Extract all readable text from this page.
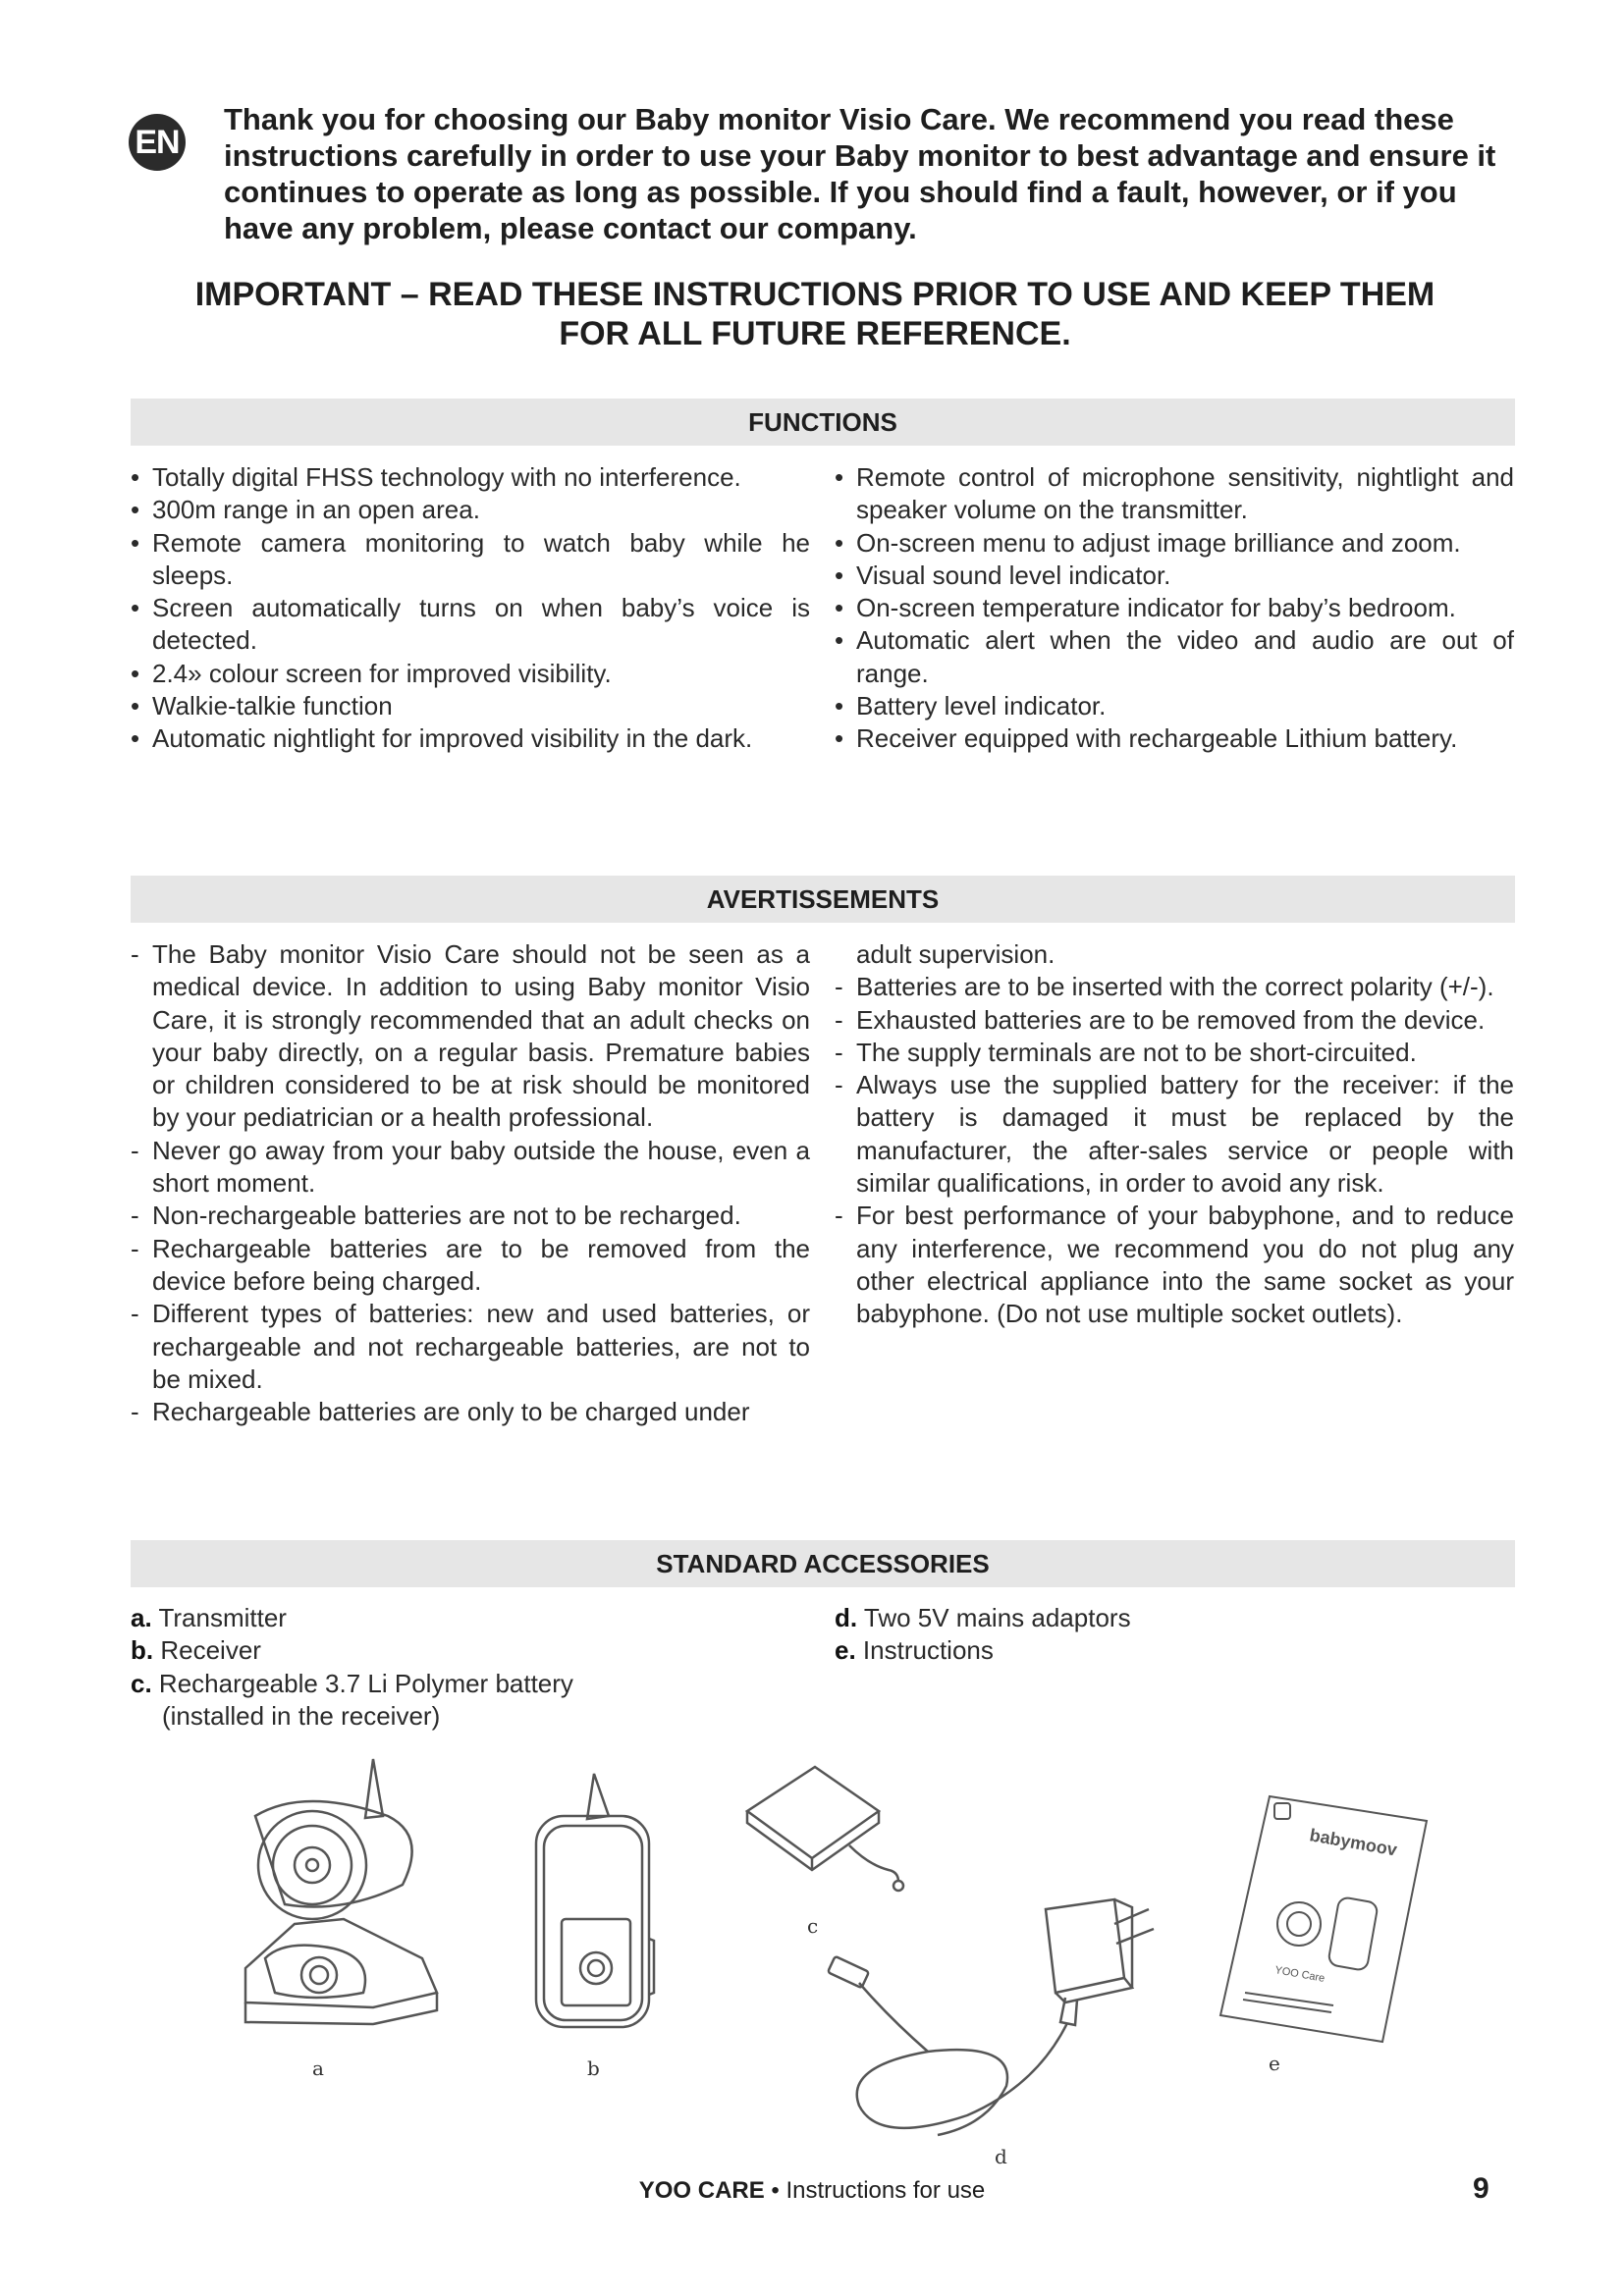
EN

Thank you for choosing our Baby monitor Visio Care. We recommend you read these instructions carefully in order to use your Baby monitor to best advantage and ensure it continues to operate as long as possible. If you should find a fault, however, or if you have any problem, please contact our company.

IMPORTANT – READ THESE INSTRUCTIONS PRIOR TO USE AND KEEP THEM
FOR ALL FUTURE REFERENCE.
FUNCTIONS
• Totally digital FHSS technology with no interference.
• 300m range in an open area.
• Remote camera monitoring to watch baby while he sleeps.
• Screen automatically turns on when baby’s voice is detected.
• 2.4» colour screen for improved visibility.
• Walkie-talkie function
• Automatic nightlight for improved visibility in the dark.
• Remote control of microphone sensitivity, nightlight and speaker volume on the transmitter.
• On-screen menu to adjust image brilliance and zoom.
• Visual sound level indicator.
• On-screen temperature indicator for baby’s bedroom.
• Automatic alert when the video and audio are out of range.
• Battery level indicator.
• Receiver equipped with rechargeable Lithium battery.
AVERTISSEMENTS
- The Baby monitor Visio Care should not be seen as a medical device. In addition to using Baby monitor Visio Care, it is strongly recommended that an adult checks on your baby directly, on a regular basis. Premature babies or children considered to be at risk should be monitored by your pediatrician or a health professional.
- Never go away from your baby outside the house, even a short moment.
- Non-rechargeable batteries are not to be recharged.
- Rechargeable batteries are to be removed from the device before being charged.
- Different types of batteries: new and used batteries, or rechargeable and not rechargeable batteries, are not to be mixed.
- Rechargeable batteries are only to be charged under
adult supervision.
- Batteries are to be inserted with the correct polarity (+/-).
- Exhausted batteries are to be removed from the device.
- The supply terminals are not to be short-circuited.
- Always use the supplied battery for the receiver: if the battery is damaged it must be replaced by the manufacturer, the after-sales service or people with similar qualifications, in order to avoid any risk.
- For best performance of your babyphone, and to reduce any interference, we recommend you do not plug any other electrical appliance into the same socket as your babyphone. (Do not use multiple socket outlets).
STANDARD ACCESSORIES
a. Transmitter
b. Receiver
c. Rechargeable 3.7 Li Polymer battery
(installed in the receiver)
d. Two 5V mains adaptors
e. Instructions
a	b
c
d
babymoov
YOO Care
e
YOO CARE • Instructions for use	9
